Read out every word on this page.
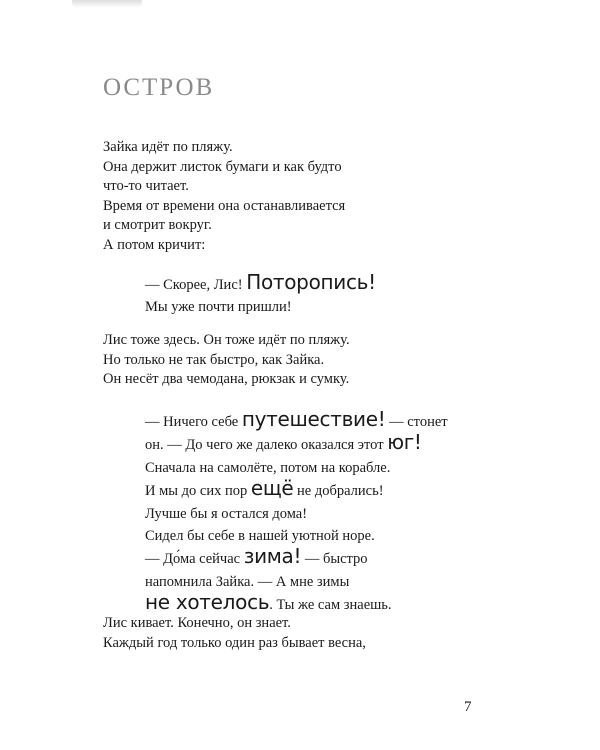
ОСТРОВ
Зайка идёт по пляжу.
Она держит листок бумаги и как будто
что-то читает.
Время от времени она останавливается
и смотрит вокруг.
А потом кричит:
— Скорее, Лис! Поторопись!
Мы уже почти пришли!
Лис тоже здесь. Он тоже идёт по пляжу.
Но только не так быстро, как Зайка.
Он несёт два чемодана, рюкзак и сумку.
— Ничего себе путешествие! — стонет
он. — До чего же далеко оказался этот юг!
Сначала на самолёте, потом на корабле.
И мы до сих пор ещё не добрались!
Лучше бы я остался дома!
Сидел бы себе в нашей уютной норе.
— До́ма сейчас зима! — быстро
напомнила Зайка. — А мне зимы
не хотелось. Ты же сам знаешь.
Лис кивает. Конечно, он знает.
Каждый год только один раз бывает весна,
7
